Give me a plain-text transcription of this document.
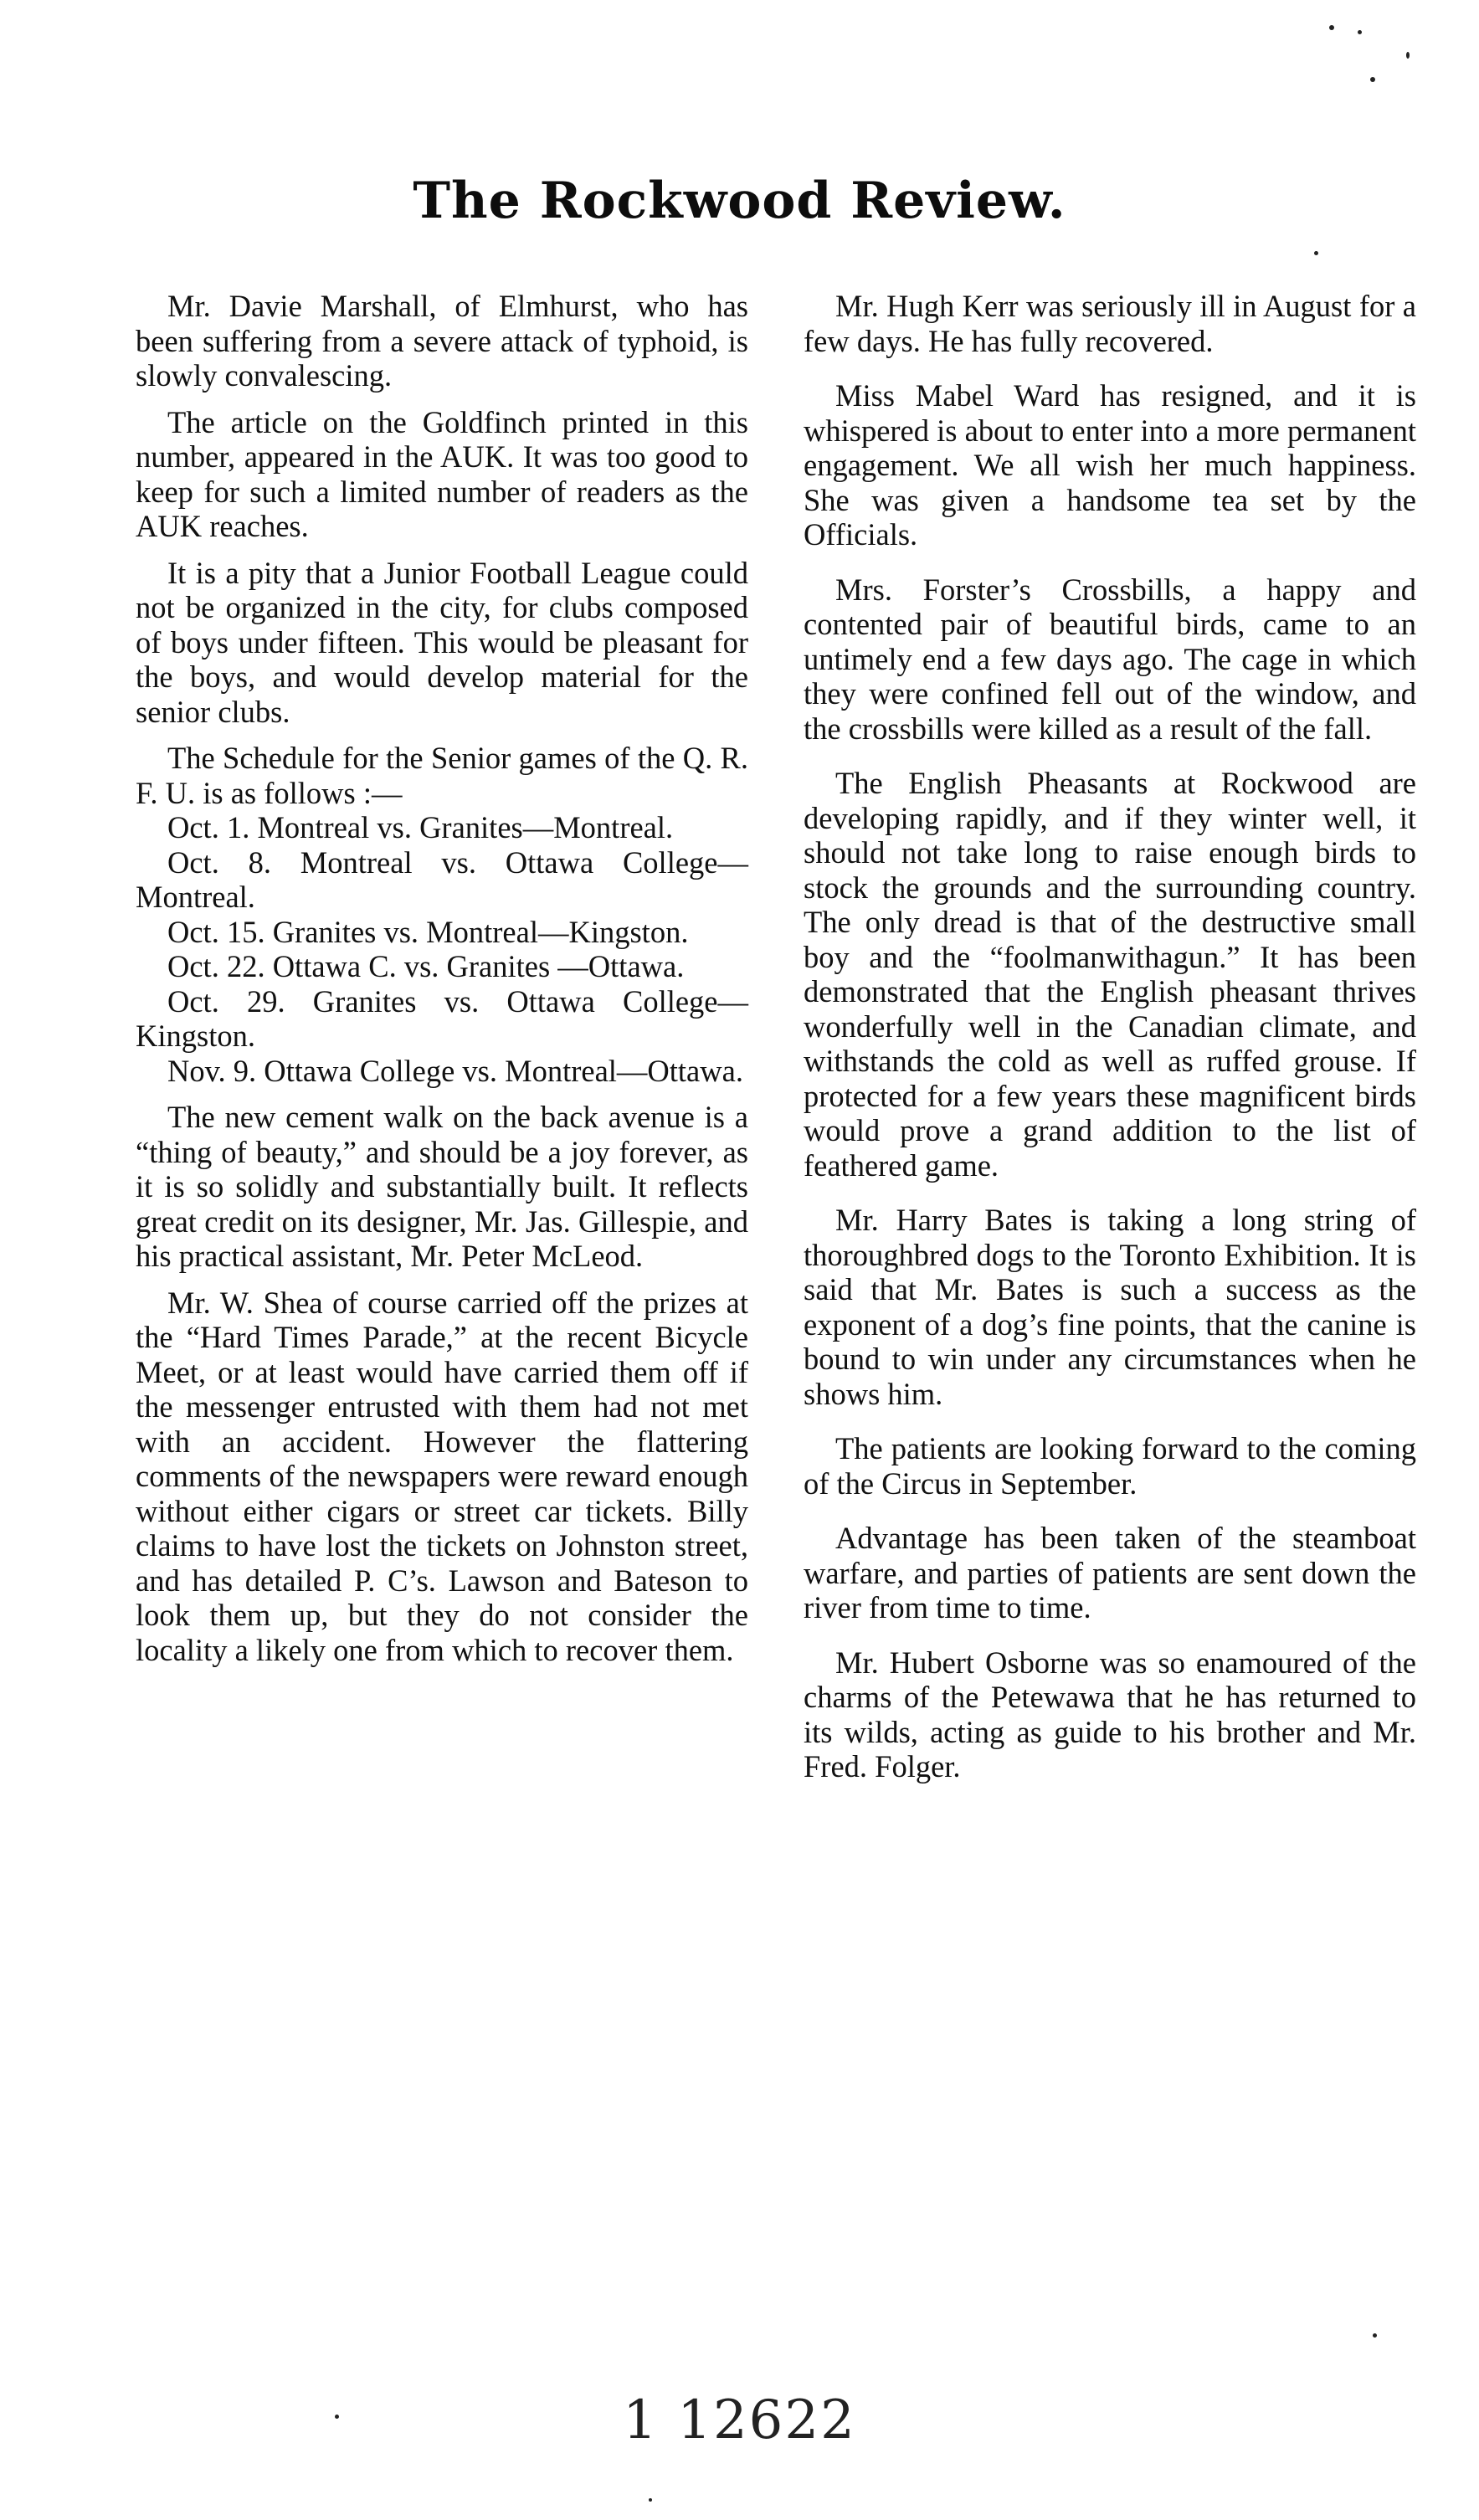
The Rockwood Review.

Mr. Davie Marshall, of Elmhurst, who has been suffering from a severe attack of typhoid, is slowly convalescing.

The article on the Goldfinch printed in this number, appeared in the AUK. It was too good to keep for such a limited number of readers as the AUK reaches.

It is a pity that a Junior Football League could not be organized in the city, for clubs composed of boys under fifteen. This would be pleasant for the boys, and would develop material for the senior clubs.

The Schedule for the Senior games of the Q. R. F. U. is as follows :—

Oct. 1. Montreal vs. Granites—Montreal.

Oct. 8. Montreal vs. Ottawa College—Montreal.

Oct. 15. Granites vs. Montreal—Kingston.

Oct. 22. Ottawa C. vs. Granites —Ottawa.

Oct. 29. Granites vs. Ottawa College—Kingston.

Nov. 9. Ottawa College vs. Montreal—Ottawa.

The new cement walk on the back avenue is a “thing of beauty,” and should be a joy forever, as it is so solidly and substantially built. It reflects great credit on its designer, Mr. Jas. Gillespie, and his practical assistant, Mr. Peter McLeod.

Mr. W. Shea of course carried off the prizes at the “Hard Times Parade,” at the recent Bicycle Meet, or at least would have carried them off if the messenger entrusted with them had not met with an accident. However the flattering comments of the newspapers were reward enough without either cigars or street car tickets. Billy claims to have lost the tickets on Johnston street, and has detailed P. C’s. Lawson and Bateson to look them up, but they do not consider the locality a likely one from which to recover them.

Mr. Hugh Kerr was seriously ill in August for a few days. He has fully recovered.

Miss Mabel Ward has resigned, and it is whispered is about to enter into a more permanent engagement. We all wish her much happiness. She was given a handsome tea set by the Officials.

Mrs. Forster’s Crossbills, a happy and contented pair of beautiful birds, came to an untimely end a few days ago. The cage in which they were confined fell out of the window, and the crossbills were killed as a result of the fall.

The English Pheasants at Rockwood are developing rapidly, and if they winter well, it should not take long to raise enough birds to stock the grounds and the surrounding country. The only dread is that of the destructive small boy and the “foolmanwithagun.” It has been demonstrated that the English pheasant thrives wonderfully well in the Canadian climate, and withstands the cold as well as ruffed grouse. If protected for a few years these magnificent birds would prove a grand addition to the list of feathered game.

Mr. Harry Bates is taking a long string of thoroughbred dogs to the Toronto Exhibition. It is said that Mr. Bates is such a success as the exponent of a dog’s fine points, that the canine is bound to win under any circumstances when he shows him.

The patients are looking forward to the coming of the Circus in September.

Advantage has been taken of the steamboat warfare, and parties of patients are sent down the river from time to time.

Mr. Hubert Osborne was so enamoured of the charms of the Petewawa that he has returned to its wilds, acting as guide to his brother and Mr. Fred. Folger.

1 12622
